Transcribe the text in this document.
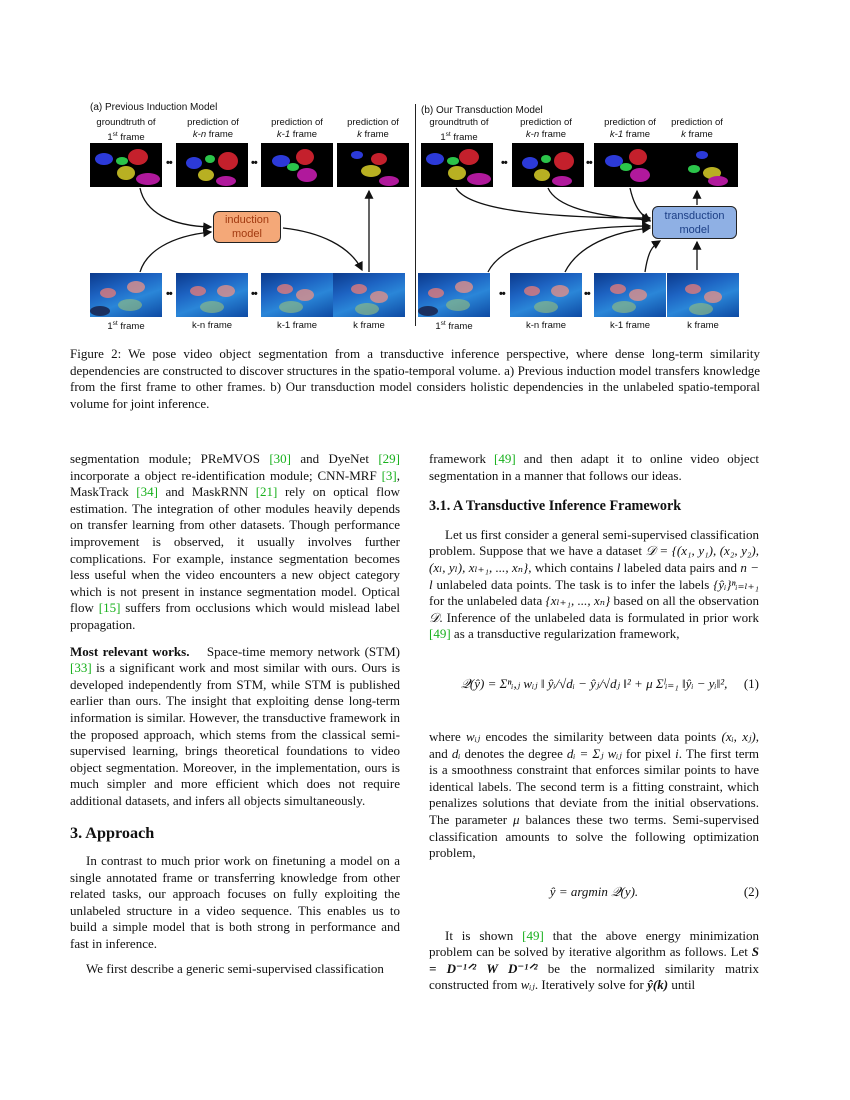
(a) Previous Induction Model	(b) Our Transduction Model
groundtruth of
1st frame
prediction of
k-n frame
prediction of
k-1 frame
prediction of
k frame
groundtruth of
1st frame
prediction of
k-n frame
prediction of
k-1 frame
prediction of
k frame
••	••	••	••
••	••	••	••
1st frame	k-n frame	k-1 frame	k frame	1st frame	k-n frame	k-1 frame	k frame
induction model
transduction model

Figure 2: We pose video object segmentation from a transductive inference perspective, where dense long-term similarity dependencies are constructed to discover structures in the spatio-temporal volume. a) Previous induction model transfers knowledge from the first frame to other frames. b) Our transduction model considers holistic dependencies in the unlabeled spatio-temporal volume for joint inference.

segmentation module; PReMVOS [30] and DyeNet [29] incorporate a object re-identification module; CNN-MRF [3], MaskTrack [34] and MaskRNN [21] rely on optical flow estimation. The integration of other modules heavily depends on transfer learning from other datasets. Though performance improvement is observed, it usually involves further complications. For example, instance segmentation becomes less useful when the video encounters a new object category which is not present in instance segmentation model. Optical flow [15] suffers from occlusions which would mislead label propagation.

Most relevant works.  Space-time memory network (STM) [33] is a significant work and most similar with ours. Ours is developed independently from STM, while STM is published earlier than ours. The insight that exploiting dense long-term information is similar. However, the transductive framework in the proposed approach, which stems from the classical semi-supervised learning, brings theoretical foundations to video object segmentation. Moreover, in the implementation, ours is much simpler and more efficient which does not require additional datasets, and infers all objects simultaneously.

3. Approach

In contrast to much prior work on finetuning a model on a single annotated frame or transferring knowledge from other related tasks, our approach focuses on fully exploiting the unlabeled structure in a video sequence. This enables us to build a simple model that is both strong in performance and fast in inference.

We first describe a generic semi-supervised classification

framework [49] and then adapt it to online video object segmentation in a manner that follows our ideas.

3.1. A Transductive Inference Framework

Let us first consider a general semi-supervised classification problem. Suppose that we have a dataset 𝒟 = {(x₁, y₁), (x₂, y₂), (xₗ, yₗ), xₗ₊₁, ..., xₙ}, which contains l labeled data pairs and n − l unlabeled data points. The task is to infer the labels {ŷᵢ}ⁿᵢ₌ₗ₊₁ for the unlabeled data {xₗ₊₁, ..., xₙ} based on all the observation 𝒟. Inference of the unlabeled data is formulated in prior work [49] as a transductive regularization framework,

𝒬(ŷ) = Σⁿᵢ,ⱼ wᵢⱼ ‖ ŷᵢ/√dᵢ − ŷⱼ/√dⱼ ‖² + μ Σˡᵢ₌₁ ‖ŷᵢ − yᵢ‖², (1)

where wᵢⱼ encodes the similarity between data points (xᵢ, xⱼ), and dᵢ denotes the degree dᵢ = Σⱼ wᵢⱼ for pixel i. The first term is a smoothness constraint that enforces similar points to have identical labels. The second term is a fitting constraint, which penalizes solutions that deviate from the initial observations. The parameter μ balances these two terms. Semi-supervised classification amounts to solve the following optimization problem,

ŷ = argmin 𝒬(y).	(2)

It is shown [49] that the above energy minimization problem can be solved by iterative algorithm as follows. Let S = D⁻¹ᐟ² W D⁻¹ᐟ² be the normalized similarity matrix constructed from wᵢⱼ. Iteratively solve for ŷ(k) until
